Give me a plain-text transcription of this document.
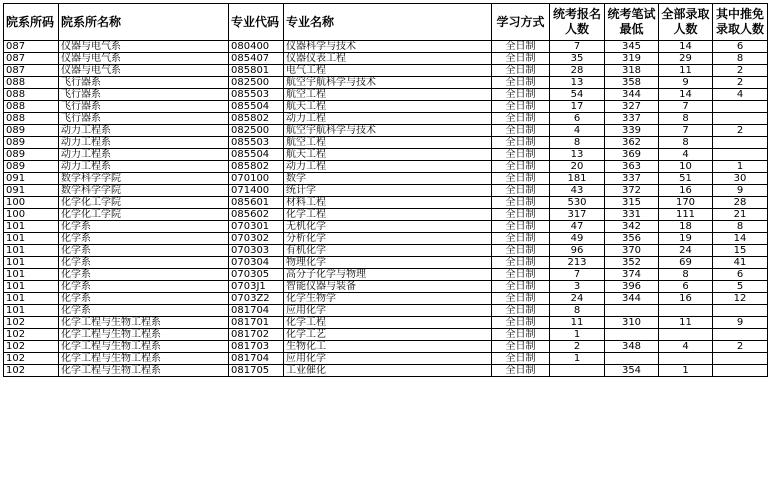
院系所码	院系所名称	专业代码	专业名称	学习方式	统考报名人数	统考笔试最低	全部录取人数	其中推免录取人数
087	仪器与电气系	080400	仪器科学与技术	全日制	7	345	14	6
087	仪器与电气系	085407	仪器仪表工程	全日制	35	319	29	8
087	仪器与电气系	085801	电气工程	全日制	28	318	11	2
088	飞行器系	082500	航空宇航科学与技术	全日制	13	358	9	2
088	飞行器系	085503	航空工程	全日制	54	344	14	4
088	飞行器系	085504	航天工程	全日制	17	327	7	
088	飞行器系	085802	动力工程	全日制	6	337	8	
089	动力工程系	082500	航空宇航科学与技术	全日制	4	339	7	2
089	动力工程系	085503	航空工程	全日制	8	362	8	
089	动力工程系	085504	航天工程	全日制	13	369	4	
089	动力工程系	085802	动力工程	全日制	20	363	10	1
091	数学科学学院	070100	数学	全日制	181	337	51	30
091	数学科学学院	071400	统计学	全日制	43	372	16	9
100	化学化工学院	085601	材料工程	全日制	530	315	170	28
100	化学化工学院	085602	化学工程	全日制	317	331	111	21
101	化学系	070301	无机化学	全日制	47	342	18	8
101	化学系	070302	分析化学	全日制	49	356	19	14
101	化学系	070303	有机化学	全日制	96	370	24	15
101	化学系	070304	物理化学	全日制	213	352	69	41
101	化学系	070305	高分子化学与物理	全日制	7	374	8	6
101	化学系	0703J1	智能仪器与装备	全日制	3	396	6	5
101	化学系	0703Z2	化学生物学	全日制	24	344	16	12
101	化学系	081704	应用化学	全日制	8			
102	化学工程与生物工程系	081701	化学工程	全日制	11	310	11	9
102	化学工程与生物工程系	081702	化学工艺	全日制	1			
102	化学工程与生物工程系	081703	生物化工	全日制	2	348	4	2
102	化学工程与生物工程系	081704	应用化学	全日制	1			
102	化学工程与生物工程系	081705	工业催化	全日制		354	1	
